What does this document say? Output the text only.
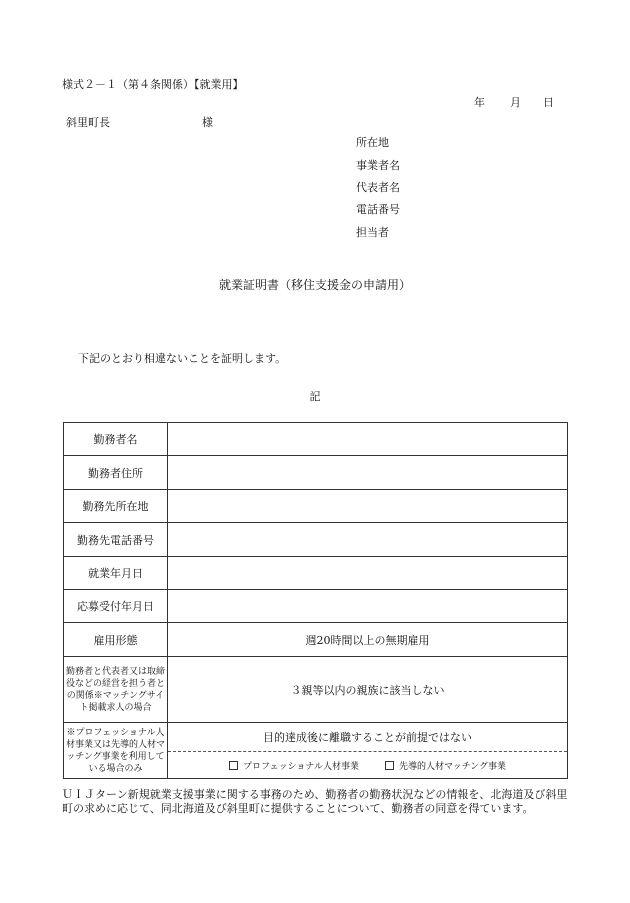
様式２－１（第４条関係）【就業用】
年 月 日
斜里町長	様
所在地
事業者名
代表者名
電話番号
担当者
就業証明書（移住支援金の申請用）
下記のとおり相違ないことを証明します。
記
勤務者名	
勤務者住所	
勤務先所在地	
勤務先電話番号	
就業年月日	
応募受付年月日	
雇用形態	週20時間以上の無期雇用
勤務者と代表者又は取締役などの経営を担う者との関係※マッチングサイト掲載求人の場合	３親等以内の親族に該当しない
※プロフェッショナル人材事業又は先導的人材マッチング事業を利用している場合のみ	目的達成後に離職することが前提ではない
プロフェッショナル人材事業 先導的人材マッチング事業
ＵＩＪターン新規就業支援事業に関する事務のため、勤務者の勤務状況などの情報を、北海道及び斜里町の求めに応じて、同北海道及び斜里町に提供することについて、勤務者の同意を得ています。
